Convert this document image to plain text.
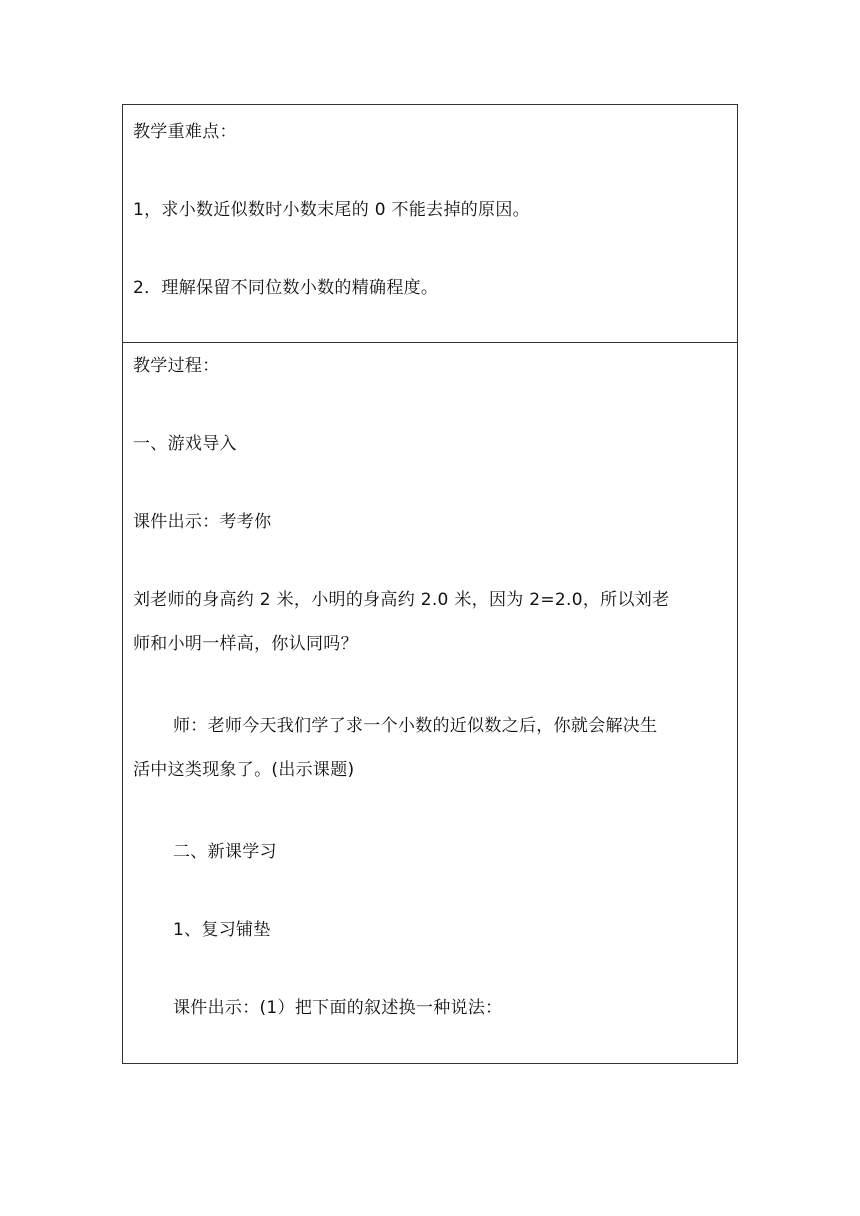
教学重难点：
1，求小数近似数时小数末尾的 0 不能去掉的原因。
2．理解保留不同位数小数的精确程度。
教学过程：
一、游戏导入
课件出示：考考你
刘老师的身高约 2 米，小明的身高约 2.0 米，因为 2=2.0，所以刘老
师和小明一样高，你认同吗？
师：老师今天我们学了求一个小数的近似数之后，你就会解决生
活中这类现象了。(出示课题)
二、新课学习
1、复习铺垫
课件出示：(1）把下面的叙述换一种说法：
